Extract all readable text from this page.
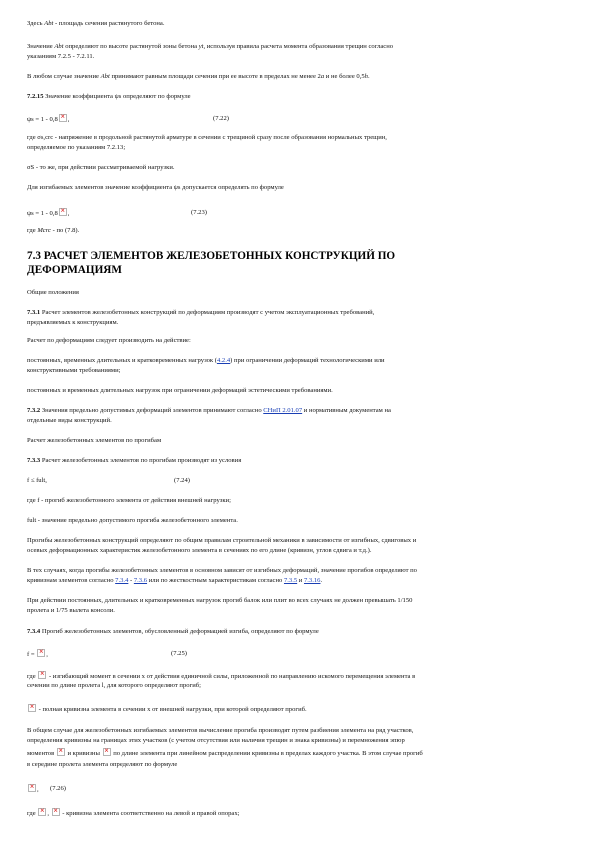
Здесь Abt - площадь сечения растянутого бетона.
Значение Abt определяют по высоте растянутой зоны бетона yt, используя правила расчета момента образования трещин согласно
указаниям 7.2.5 - 7.2.11.
В любом случае значение Abt принимают равным площади сечения при ее высоте в пределах не менее 2a и не более 0,5h.
7.2.15 Значение коэффициента ψs определяют по формуле
ψs = 1 - 0,8 × ,	(7.22)
где σs,crc - напряжение в продольной растянутой арматуре в сечении с трещиной сразу после образования нормальных трещин,
определяемое по указаниям 7.2.13;
σS - то же, при действии рассматриваемой нагрузки.
Для изгибаемых элементов значение коэффициента ψs допускается определять по формуле
ψs = 1 - 0,8 × ,	(7.23)
где Mcrc - по (7.8).
7.3 РАСЧЕТ ЭЛЕМЕНТОВ ЖЕЛЕЗОБЕТОННЫХ КОНСТРУКЦИЙ ПО
ДЕФОРМАЦИЯМ
Общие положения
7.3.1 Расчет элементов железобетонных конструкций по деформациям производят с учетом эксплуатационных требований,
предъявляемых к конструкциям.
Расчет по деформациям следует производить на действие:
постоянных, временных длительных и кратковременных нагрузок (4.2.4) при ограничении деформаций технологическими или
конструктивными требованиями;
постоянных и временных длительных нагрузок при ограничении деформаций эстетическими требованиями.
7.3.2 Значения предельно допустимых деформаций элементов принимают согласно СНиП 2.01.07 и нормативным документам на
отдельные виды конструкций.
Расчет железобетонных элементов по прогибам
7.3.3 Расчет железобетонных элементов по прогибам производят из условия
f ≤ fult,	(7.24)
где f - прогиб железобетонного элемента от действия внешней нагрузки;
fult - значение предельно допустимого прогиба железобетонного элемента.
Прогибы железобетонных конструкций определяют по общим правилам строительной механики в зависимости от изгибных, сдвиговых и
осевых деформационных характеристик железобетонного элемента в сечениях по его длине (кривизн, углов сдвига и т.д.).
В тех случаях, когда прогибы железобетонных элементов в основном зависят от изгибных деформаций, значение прогибов определяют по
кривизнам элементов согласно 7.3.4 - 7.3.6 или по жесткостным характеристикам согласно 7.3.5 и 7.3.16.
При действии постоянных, длительных и кратковременных нагрузок прогиб балок или плит во всех случаях не должен превышать 1/150
пролета и 1/75 вылета консоли.
7.3.4 Прогиб железобетонных элементов, обусловленный деформацией изгиба, определяют по формуле
f = ×,	(7.25)
где × - изгибающий момент в сечении x от действия единичной силы, приложенной по направлению искомого перемещения элемента в
сечении по длине пролета l, для которого определяют прогиб;
× - полная кривизна элемента в сечении x от внешней нагрузки, при которой определяют прогиб.
В общем случае для железобетонных изгибаемых элементов вычисление прогиба производят путем разбиения элемента на ряд участков,
определения кривизны на границах этих участков (с учетом отсутствия или наличия трещин и знака кривизны) и перемножения эпюр
моментов × и кривизны × по длине элемента при линейном распределении кривизны в пределах каждого участка. В этом случае прогиб
в середине пролета элемента определяют по формуле
×, (7.26)
где ×, × - кривизна элемента соответственно на левой и правой опорах;
